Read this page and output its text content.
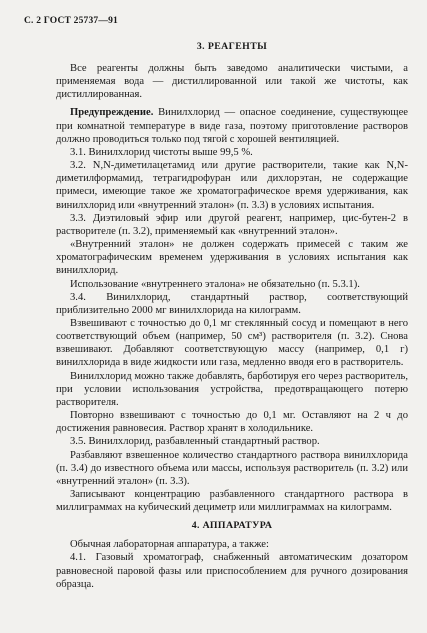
С. 2 ГОСТ 25737—91
3. РЕАГЕНТЫ

Все реагенты должны быть заведомо аналитически чистыми, а применяемая вода — дистиллированной или такой же чистоты, как дистиллированная.

Предупреждение. Винилхлорид — опасное соединение, существующее при комнатной температуре в виде газа, поэтому приготовление растворов должно проводиться только под тягой с хорошей вентиляцией.

3.1. Винилхлорид чистоты выше 99,5 %.

3.2. N,N-диметилацетамид или другие растворители, такие как N,N-диметилформамид, тетрагидрофуран или дихлорэтан, не содержащие примеси, имеющие такое же хроматографическое время удерживания, как винилхлорид или «внутренний эталон» (п. 3.3) в условиях испытания.

3.3. Диэтиловый эфир или другой реагент, например, цис-бутен-2 в растворителе (п. 3.2), применяемый как «внутренний эталон».

«Внутренний эталон» не должен содержать примесей с таким же хроматографическим временем удерживания в условиях испытания как винилхлорид.

Использование «внутреннего эталона» не обязательно (п. 5.3.1).

3.4. Винилхлорид, стандартный раствор, соответствующий приблизительно 2000 мг винилхлорида на килограмм.

Взвешивают с точностью до 0,1 мг стеклянный сосуд и помещают в него соответствующий объем (например, 50 см³) растворителя (п. 3.2). Снова взвешивают. Добавляют соответствующую массу (например, 0,1 г) винилхлорида в виде жидкости или газа, медленно вводя его в растворитель.

Винилхлорид можно также добавлять, барботируя его через растворитель, при условии использования устройства, предотвращающего потерю растворителя.

Повторно взвешивают с точностью до 0,1 мг. Оставляют на 2 ч до достижения равновесия. Раствор хранят в холодильнике.

3.5. Винилхлорид, разбавленный стандартный раствор.

Разбавляют взвешенное количество стандартного раствора винилхлорида (п. 3.4) до известного объема или массы, используя растворитель (п. 3.2) или «внутренний эталон» (п. 3.3).

Записывают концентрацию разбавленного стандартного раствора в миллиграммах на кубический дециметр или миллиграммах на килограмм.

4. АППАРАТУРА

Обычная лабораторная аппаратура, а также:

4.1. Газовый хроматограф, снабженный автоматическим дозатором равновесной паровой фазы или приспособлением для ручного дозирования образца.
